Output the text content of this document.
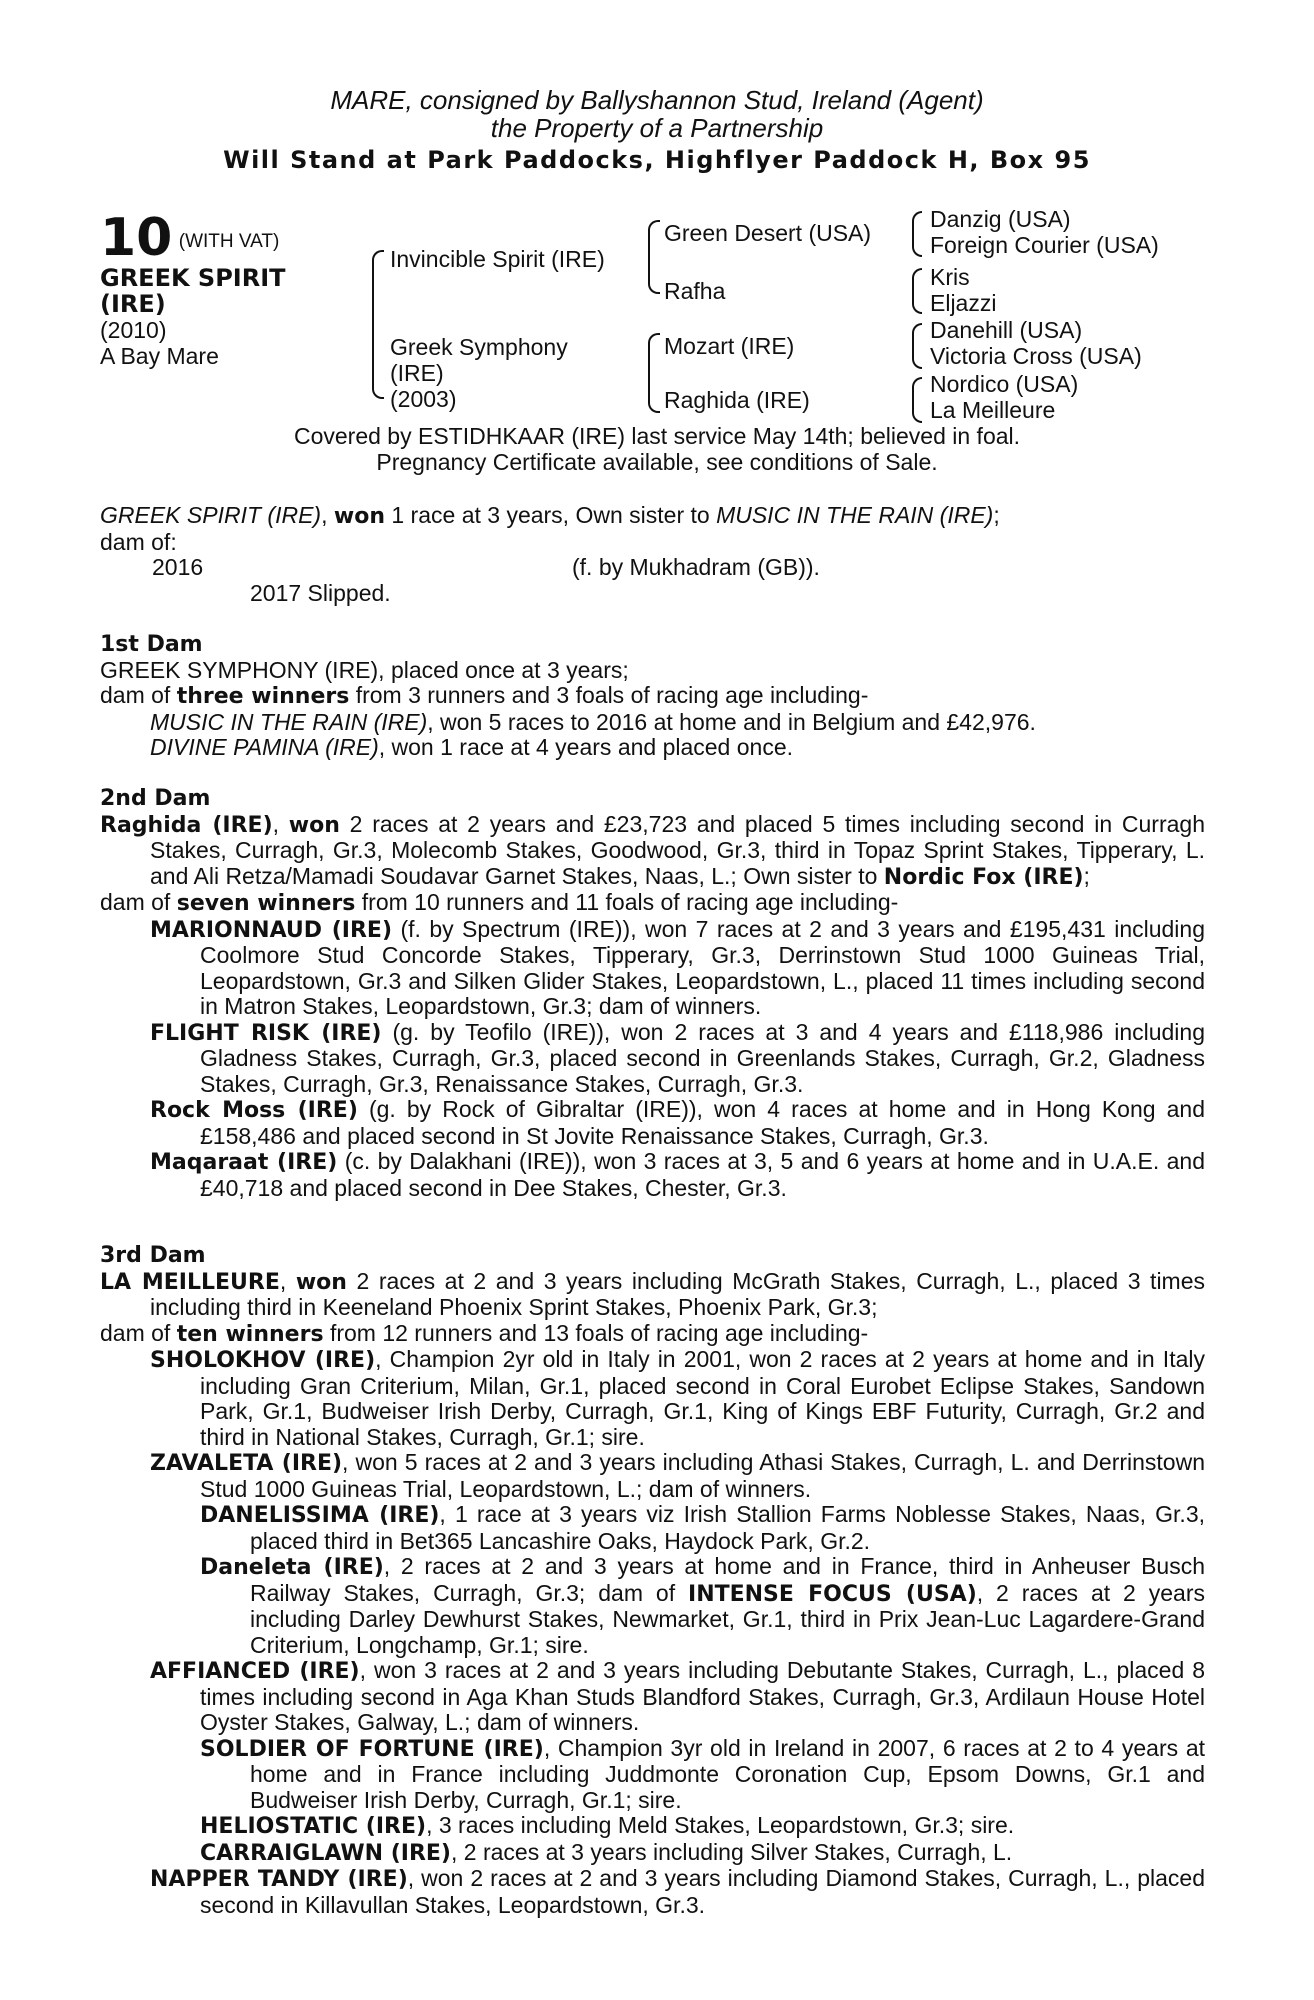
MARE, consigned by Ballyshannon Stud, Ireland (Agent)
the Property of a Partnership
Will Stand at Park Paddocks, Highflyer Paddock H, Box 95
10 $^{(WITH VAT)}$
GREEK SPIRIT
(IRE)
(2010)
A Bay Mare
Invincible Spirit (IRE)
Greek Symphony
(IRE)
(2003)
Green Desert (USA)
Rafha
Mozart (IRE)
Raghida (IRE)
Danzig (USA)
Foreign Courier (USA)
Kris
Eljazzi
Danehill (USA)
Victoria Cross (USA)
Nordico (USA)
La Meilleure
Covered by ESTIDHKAAR (IRE) last service May 14th; believed in foal.
Pregnancy Certificate available, see conditions of Sale.

GREEK SPIRIT (IRE), won 1 race at 3 years, Own sister to MUSIC IN THE RAIN (IRE);

dam of:

2016	(f. by Mukhadram (GB)).
2017 Slipped.

1st Dam

GREEK SYMPHONY (IRE), placed once at 3 years;

dam of three winners from 3 runners and 3 foals of racing age including-

MUSIC IN THE RAIN (IRE), won 5 races to 2016 at home and in Belgium and £42,976.

DIVINE PAMINA (IRE), won 1 race at 4 years and placed once.

2nd Dam

Raghida (IRE), won 2 races at 2 years and £23,723 and placed 5 times including second in Curragh Stakes, Curragh, Gr.3, Molecomb Stakes, Goodwood, Gr.3, third in Topaz Sprint Stakes, Tipperary, L. and Ali Retza/Mamadi Soudavar Garnet Stakes, Naas, L.; Own sister to Nordic Fox (IRE);

dam of seven winners from 10 runners and 11 foals of racing age including-

MARIONNAUD (IRE) (f. by Spectrum (IRE)), won 7 races at 2 and 3 years and £195,431 including Coolmore Stud Concorde Stakes, Tipperary, Gr.3, Derrinstown Stud 1000 Guineas Trial, Leopardstown, Gr.3 and Silken Glider Stakes, Leopardstown, L., placed 11 times including second in Matron Stakes, Leopardstown, Gr.3; dam of winners.

FLIGHT RISK (IRE) (g. by Teofilo (IRE)), won 2 races at 3 and 4 years and £118,986 including Gladness Stakes, Curragh, Gr.3, placed second in Greenlands Stakes, Curragh, Gr.2, Gladness Stakes, Curragh, Gr.3, Renaissance Stakes, Curragh, Gr.3.

Rock Moss (IRE) (g. by Rock of Gibraltar (IRE)), won 4 races at home and in Hong Kong and £158,486 and placed second in St Jovite Renaissance Stakes, Curragh, Gr.3.

Maqaraat (IRE) (c. by Dalakhani (IRE)), won 3 races at 3, 5 and 6 years at home and in U.A.E. and £40,718 and placed second in Dee Stakes, Chester, Gr.3.

3rd Dam

LA MEILLEURE, won 2 races at 2 and 3 years including McGrath Stakes, Curragh, L., placed 3 times including third in Keeneland Phoenix Sprint Stakes, Phoenix Park, Gr.3;

dam of ten winners from 12 runners and 13 foals of racing age including-

SHOLOKHOV (IRE), Champion 2yr old in Italy in 2001, won 2 races at 2 years at home and in Italy including Gran Criterium, Milan, Gr.1, placed second in Coral Eurobet Eclipse Stakes, Sandown Park, Gr.1, Budweiser Irish Derby, Curragh, Gr.1, King of Kings EBF Futurity, Curragh, Gr.2 and third in National Stakes, Curragh, Gr.1; sire.

ZAVALETA (IRE), won 5 races at 2 and 3 years including Athasi Stakes, Curragh, L. and Derrinstown Stud 1000 Guineas Trial, Leopardstown, L.; dam of winners.

DANELISSIMA (IRE), 1 race at 3 years viz Irish Stallion Farms Noblesse Stakes, Naas, Gr.3, placed third in Bet365 Lancashire Oaks, Haydock Park, Gr.2.

Daneleta (IRE), 2 races at 2 and 3 years at home and in France, third in Anheuser Busch Railway Stakes, Curragh, Gr.3; dam of INTENSE FOCUS (USA), 2 races at 2 years including Darley Dewhurst Stakes, Newmarket, Gr.1, third in Prix Jean-Luc Lagardere-Grand Criterium, Longchamp, Gr.1; sire.

AFFIANCED (IRE), won 3 races at 2 and 3 years including Debutante Stakes, Curragh, L., placed 8 times including second in Aga Khan Studs Blandford Stakes, Curragh, Gr.3, Ardilaun House Hotel Oyster Stakes, Galway, L.; dam of winners.

SOLDIER OF FORTUNE (IRE), Champion 3yr old in Ireland in 2007, 6 races at 2 to 4 years at home and in France including Juddmonte Coronation Cup, Epsom Downs, Gr.1 and Budweiser Irish Derby, Curragh, Gr.1; sire.

HELIOSTATIC (IRE), 3 races including Meld Stakes, Leopardstown, Gr.3; sire.

CARRAIGLAWN (IRE), 2 races at 3 years including Silver Stakes, Curragh, L.

NAPPER TANDY (IRE), won 2 races at 2 and 3 years including Diamond Stakes, Curragh, L., placed second in Killavullan Stakes, Leopardstown, Gr.3.
